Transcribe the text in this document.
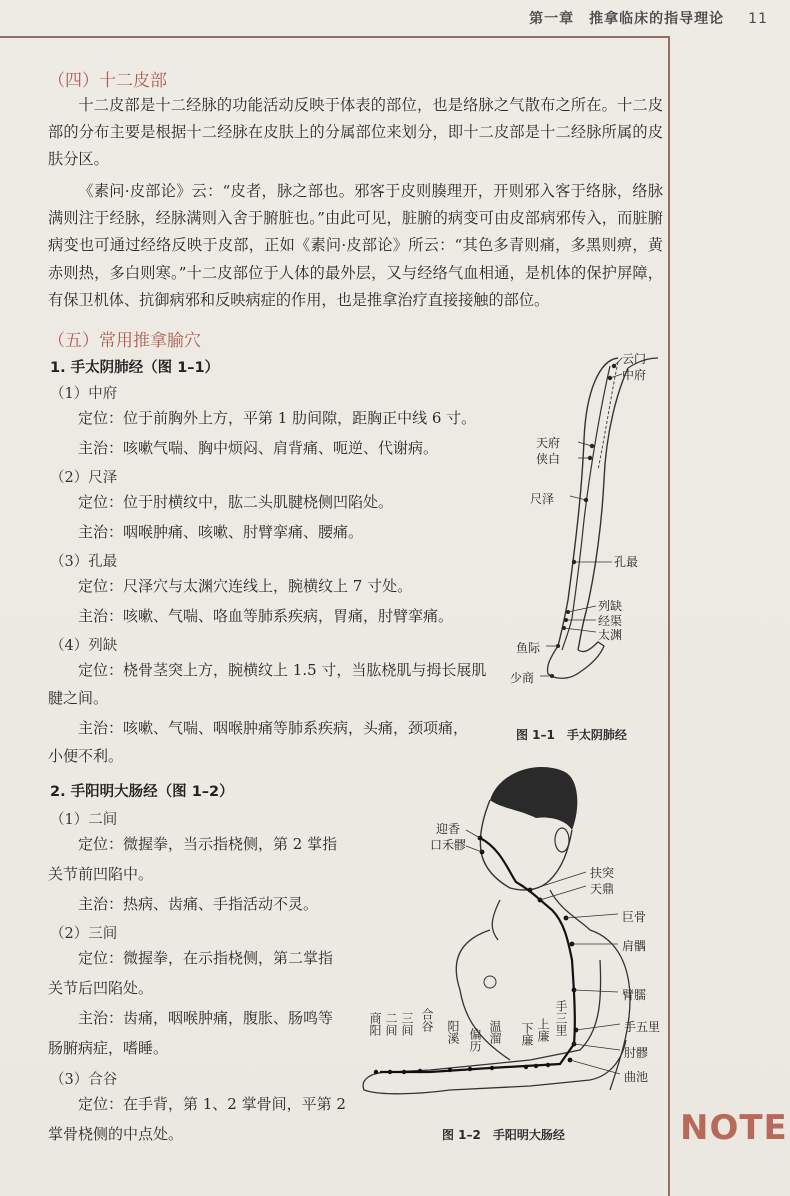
第一章　推拿临床的指导理论 11
（四）十二皮部
十二皮部是十二经脉的功能活动反映于体表的部位，也是络脉之气散布之所在。十二皮部的分布主要是根据十二经脉在皮肤上的分属部位来划分，即十二皮部是十二经脉所属的皮肤分区。
《素问·皮部论》云：“皮者，脉之部也。邪客于皮则腠理开，开则邪入客于络脉，络脉满则注于经脉，经脉满则入舍于腑脏也。”由此可见，脏腑的病变可由皮部病邪传入，而脏腑病变也可通过经络反映于皮部，正如《素问·皮部论》所云：“其色多青则痛，多黑则痹，黄赤则热，多白则寒。”十二皮部位于人体的最外层，又与经络气血相通，是机体的保护屏障，有保卫机体、抗御病邪和反映病症的作用，也是推拿治疗直接接触的部位。
（五）常用推拿腧穴
1. 手太阴肺经（图 1–1）
（1）中府
定位：位于前胸外上方，平第 1 肋间隙，距胸正中线 6 寸。
主治：咳嗽气喘、胸中烦闷、肩背痛、呃逆、代谢病。
（2）尺泽
定位：位于肘横纹中，肱二头肌腱桡侧凹陷处。
主治：咽喉肿痛、咳嗽、肘臂挛痛、腰痛。
（3）孔最
定位：尺泽穴与太渊穴连线上，腕横纹上 7 寸处。
主治：咳嗽、气喘、咯血等肺系疾病，胃痛，肘臂挛痛。
（4）列缺
定位：桡骨茎突上方，腕横纹上 1.5 寸，当肱桡肌与拇长展肌
腱之间。
主治：咳嗽、气喘、咽喉肿痛等肺系疾病，头痛，颈项痛，
小便不利。
2. 手阳明大肠经（图 1–2）
（1）二间
定位：微握拳，当示指桡侧，第 2 掌指
关节前凹陷中。
主治：热病、齿痛、手指活动不灵。
（2）三间
定位：微握拳，在示指桡侧，第二掌指
关节后凹陷处。
主治：齿痛，咽喉肿痛，腹胀、肠鸣等
肠腑病症，嗜睡。
（3）合谷
定位：在手背，第 1、2 掌骨间，平第 2
掌骨桡侧的中点处。
云门
中府
天府
侠白
尺泽
孔最
列缺
经渠
太渊
鱼际
少商
图 1–1　手太阴肺经
迎香
口禾髎
扶突
天鼎
巨骨
肩髃
臂臑
手五里
肘髎
曲池
商阳 二间 三间 合谷 阳溪 偏历 温溜 下廉 上廉 手三里
图 1–2　手阳明大肠经	NOTE
